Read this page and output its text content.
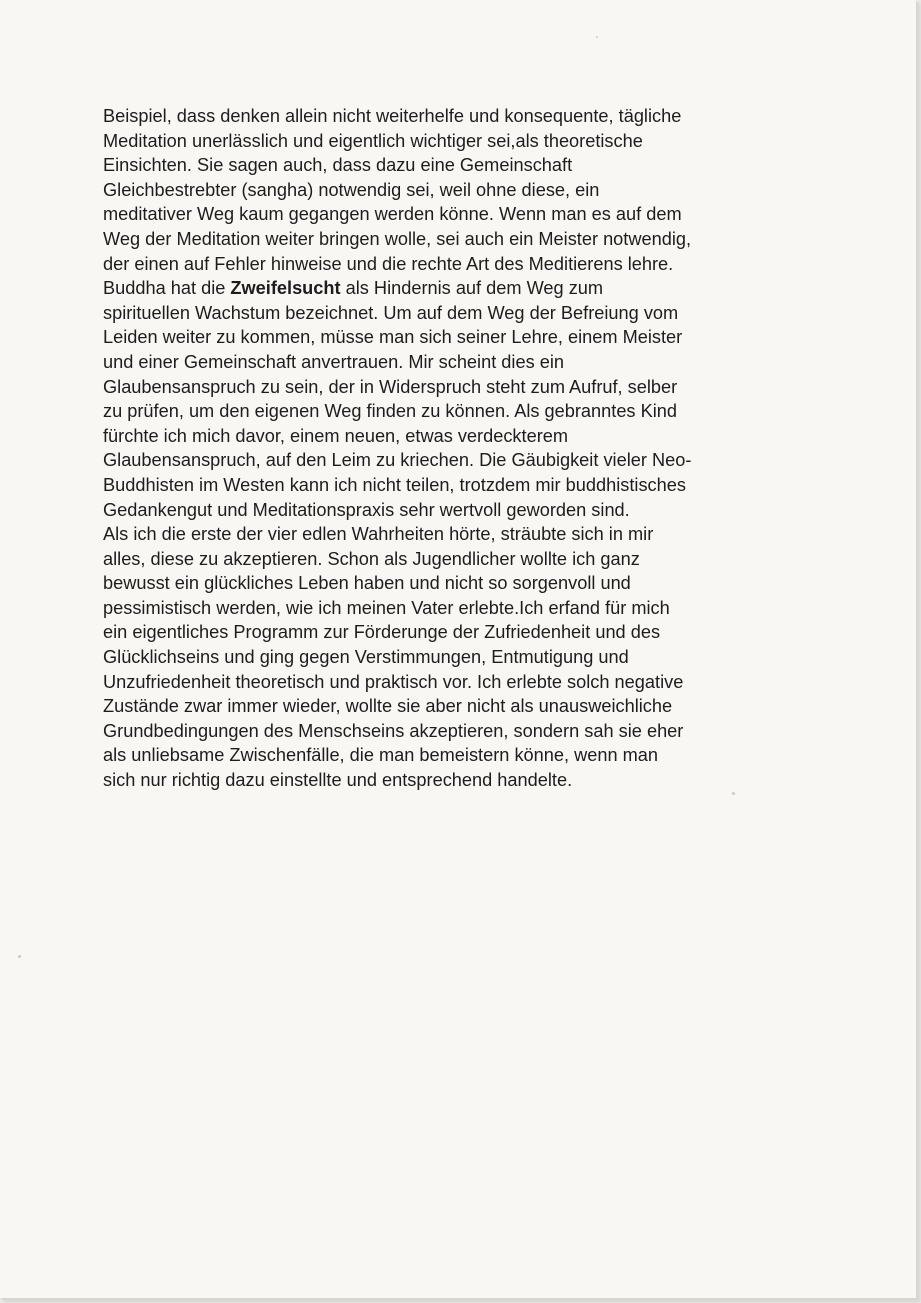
Beispiel, dass denken allein nicht weiterhelfe und konsequente, tägliche
Meditation unerlässlich und eigentlich wichtiger sei,als theoretische
Einsichten. Sie sagen auch, dass dazu eine Gemeinschaft
Gleichbestrebter (sangha) notwendig sei, weil ohne diese, ein
meditativer Weg kaum gegangen werden könne. Wenn man es auf dem
Weg der Meditation weiter bringen wolle, sei auch ein Meister notwendig,
der einen auf Fehler hinweise und die rechte Art des Meditierens lehre.
Buddha hat die Zweifelsucht als Hindernis auf dem Weg zum
spirituellen Wachstum bezeichnet. Um auf dem Weg der Befreiung vom
Leiden weiter zu kommen, müsse man sich seiner Lehre, einem Meister
und einer Gemeinschaft anvertrauen. Mir scheint dies ein
Glaubensanspruch zu sein, der in Widerspruch steht zum Aufruf, selber
zu prüfen, um den eigenen Weg finden zu können. Als gebranntes Kind
fürchte ich mich davor, einem neuen, etwas verdeckterem
Glaubensanspruch, auf den Leim zu kriechen. Die Gäubigkeit vieler Neo-
Buddhisten im Westen kann ich nicht teilen, trotzdem mir buddhistisches
Gedankengut und Meditationspraxis sehr wertvoll geworden sind.
Als ich die erste der vier edlen Wahrheiten hörte, sträubte sich in mir
alles, diese zu akzeptieren. Schon als Jugendlicher wollte ich ganz
bewusst ein glückliches Leben haben und nicht so sorgenvoll und
pessimistisch werden, wie ich meinen Vater erlebte.Ich erfand für mich
ein eigentliches Programm zur Förderunge der Zufriedenheit und des
Glücklichseins und ging gegen Verstimmungen, Entmutigung und
Unzufriedenheit theoretisch und praktisch vor. Ich erlebte solch negative
Zustände zwar immer wieder, wollte sie aber nicht als unausweichliche
Grundbedingungen des Menschseins akzeptieren, sondern sah sie eher
als unliebsame Zwischenfälle, die man bemeistern könne, wenn man
sich nur richtig dazu einstellte und entsprechend handelte.
